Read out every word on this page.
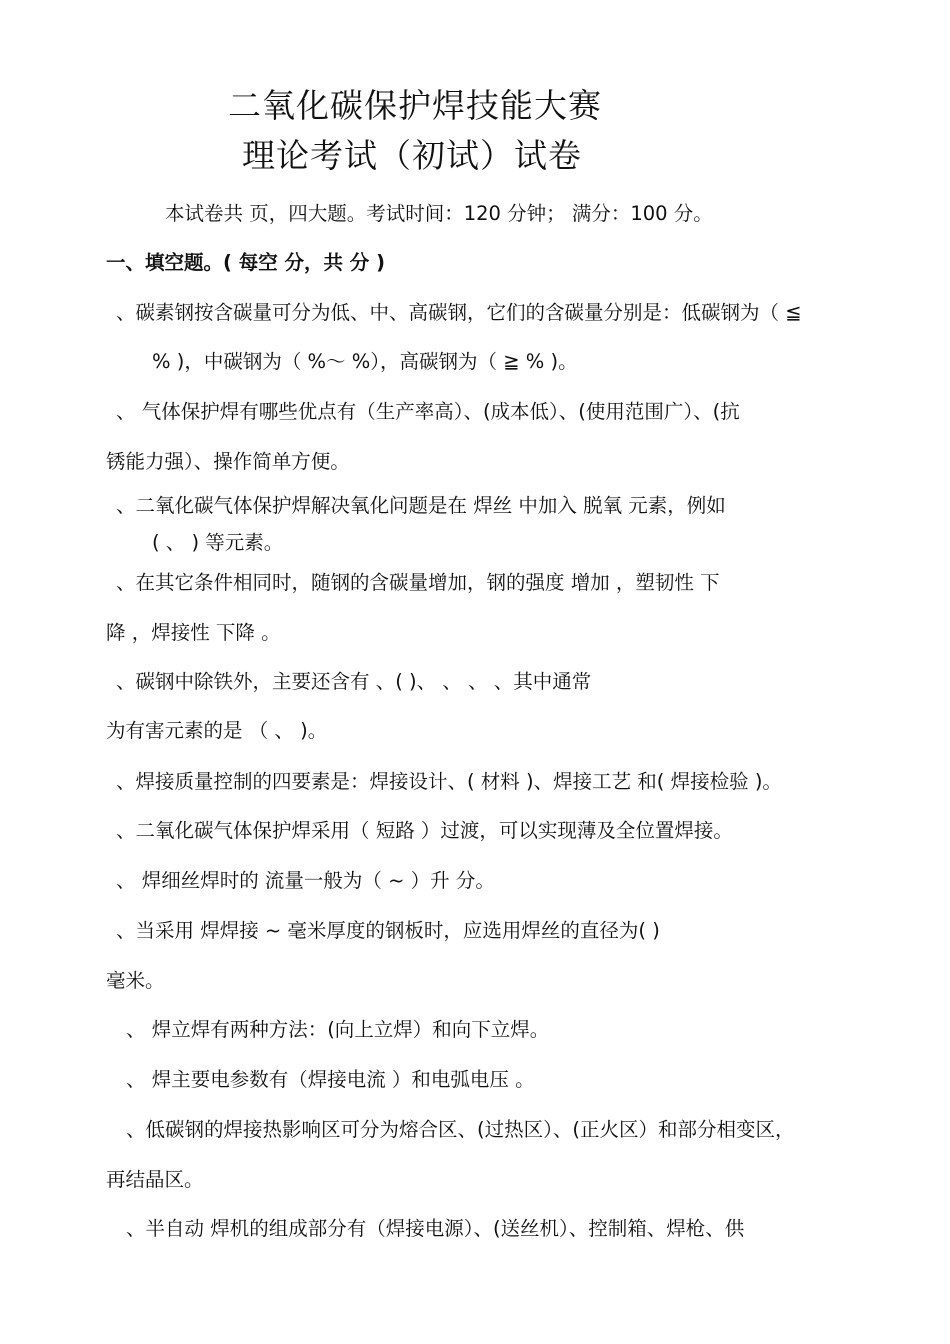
二氧化碳保护焊技能大赛
理论考试（初试）试卷
本试卷共 页，四大题。考试时间：120 分钟； 满分：100 分。
一、填空题。( 每空 分，共 分 )
、碳素钢按含碳量可分为低、中、高碳钢，它们的含碳量分别是：低碳钢为（ ≦
% )，中碳钢为（ %～ %），高碳钢为（ ≧ % )。
、 气体保护焊有哪些优点有（生产率高）、(成本低）、(使用范围广）、(抗
锈能力强）、操作简单方便。
、二氧化碳气体保护焊解决氧化问题是在 焊丝 中加入 脱氧 元素，例如
( 、 ) 等元素。
、在其它条件相同时，随钢的含碳量增加，钢的强度 增加 ，塑韧性 下
降 ，焊接性 下降 。
、碳钢中除铁外，主要还含有 、( )、 、 、 、其中通常
为有害元素的是 （ 、 )。
、焊接质量控制的四要素是：焊接设计、( 材料 )、焊接工艺 和( 焊接检验 )。
、二氧化碳气体保护焊采用（ 短路 ）过渡，可以实现薄及全位置焊接。
、 焊细丝焊时的 流量一般为（ ~ ）升 分。
、当采用 焊焊接 ~ 毫米厚度的钢板时，应选用焊丝的直径为( )
毫米。
、 焊立焊有两种方法：(向上立焊）和向下立焊。
、 焊主要电参数有（焊接电流 ）和电弧电压 。
、低碳钢的焊接热影响区可分为熔合区、(过热区）、(正火区）和部分相变区，
再结晶区。
、半自动 焊机的组成部分有（焊接电源）、(送丝机）、控制箱、焊枪、供
